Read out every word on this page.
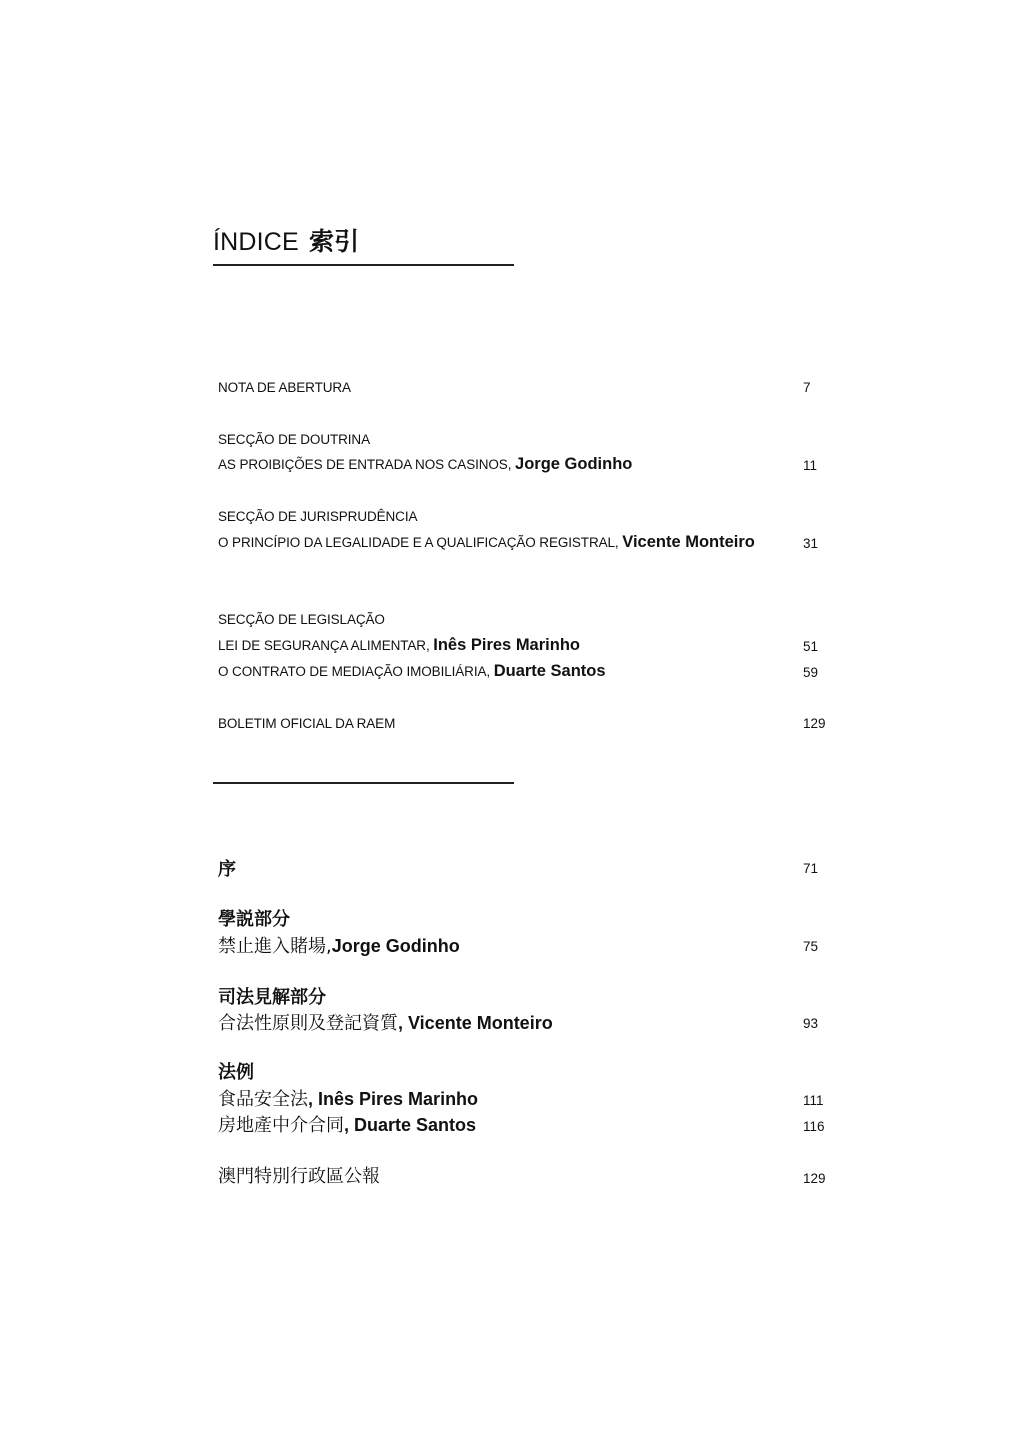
ÍNDICE 索引
NOTA DE ABERTURA	7
SECÇÃO DE DOUTRINA
AS PROIBIÇÕES DE ENTRADA NOS CASINOS, Jorge Godinho	11
SECÇÃO DE JURISPRUDÊNCIA
O PRINCÍPIO DA LEGALIDADE E A QUALIFICAÇÃO REGISTRAL, Vicente Monteiro	31
SECÇÃO DE LEGISLAÇÃO
LEI DE SEGURANÇA ALIMENTAR, Inês Pires Marinho	51
O CONTRATO DE MEDIAÇÃO IMOBILIÁRIA, Duarte Santos	59
BOLETIM OFICIAL DA RAEM	129
序	71
學説部分
禁止進入賭場,Jorge Godinho	75
司法見解部分
合法性原則及登記資質, Vicente Monteiro	93
法例
食品安全法, Inês Pires Marinho	111
房地產中介合同, Duarte Santos	116
澳門特別行政區公報	129
